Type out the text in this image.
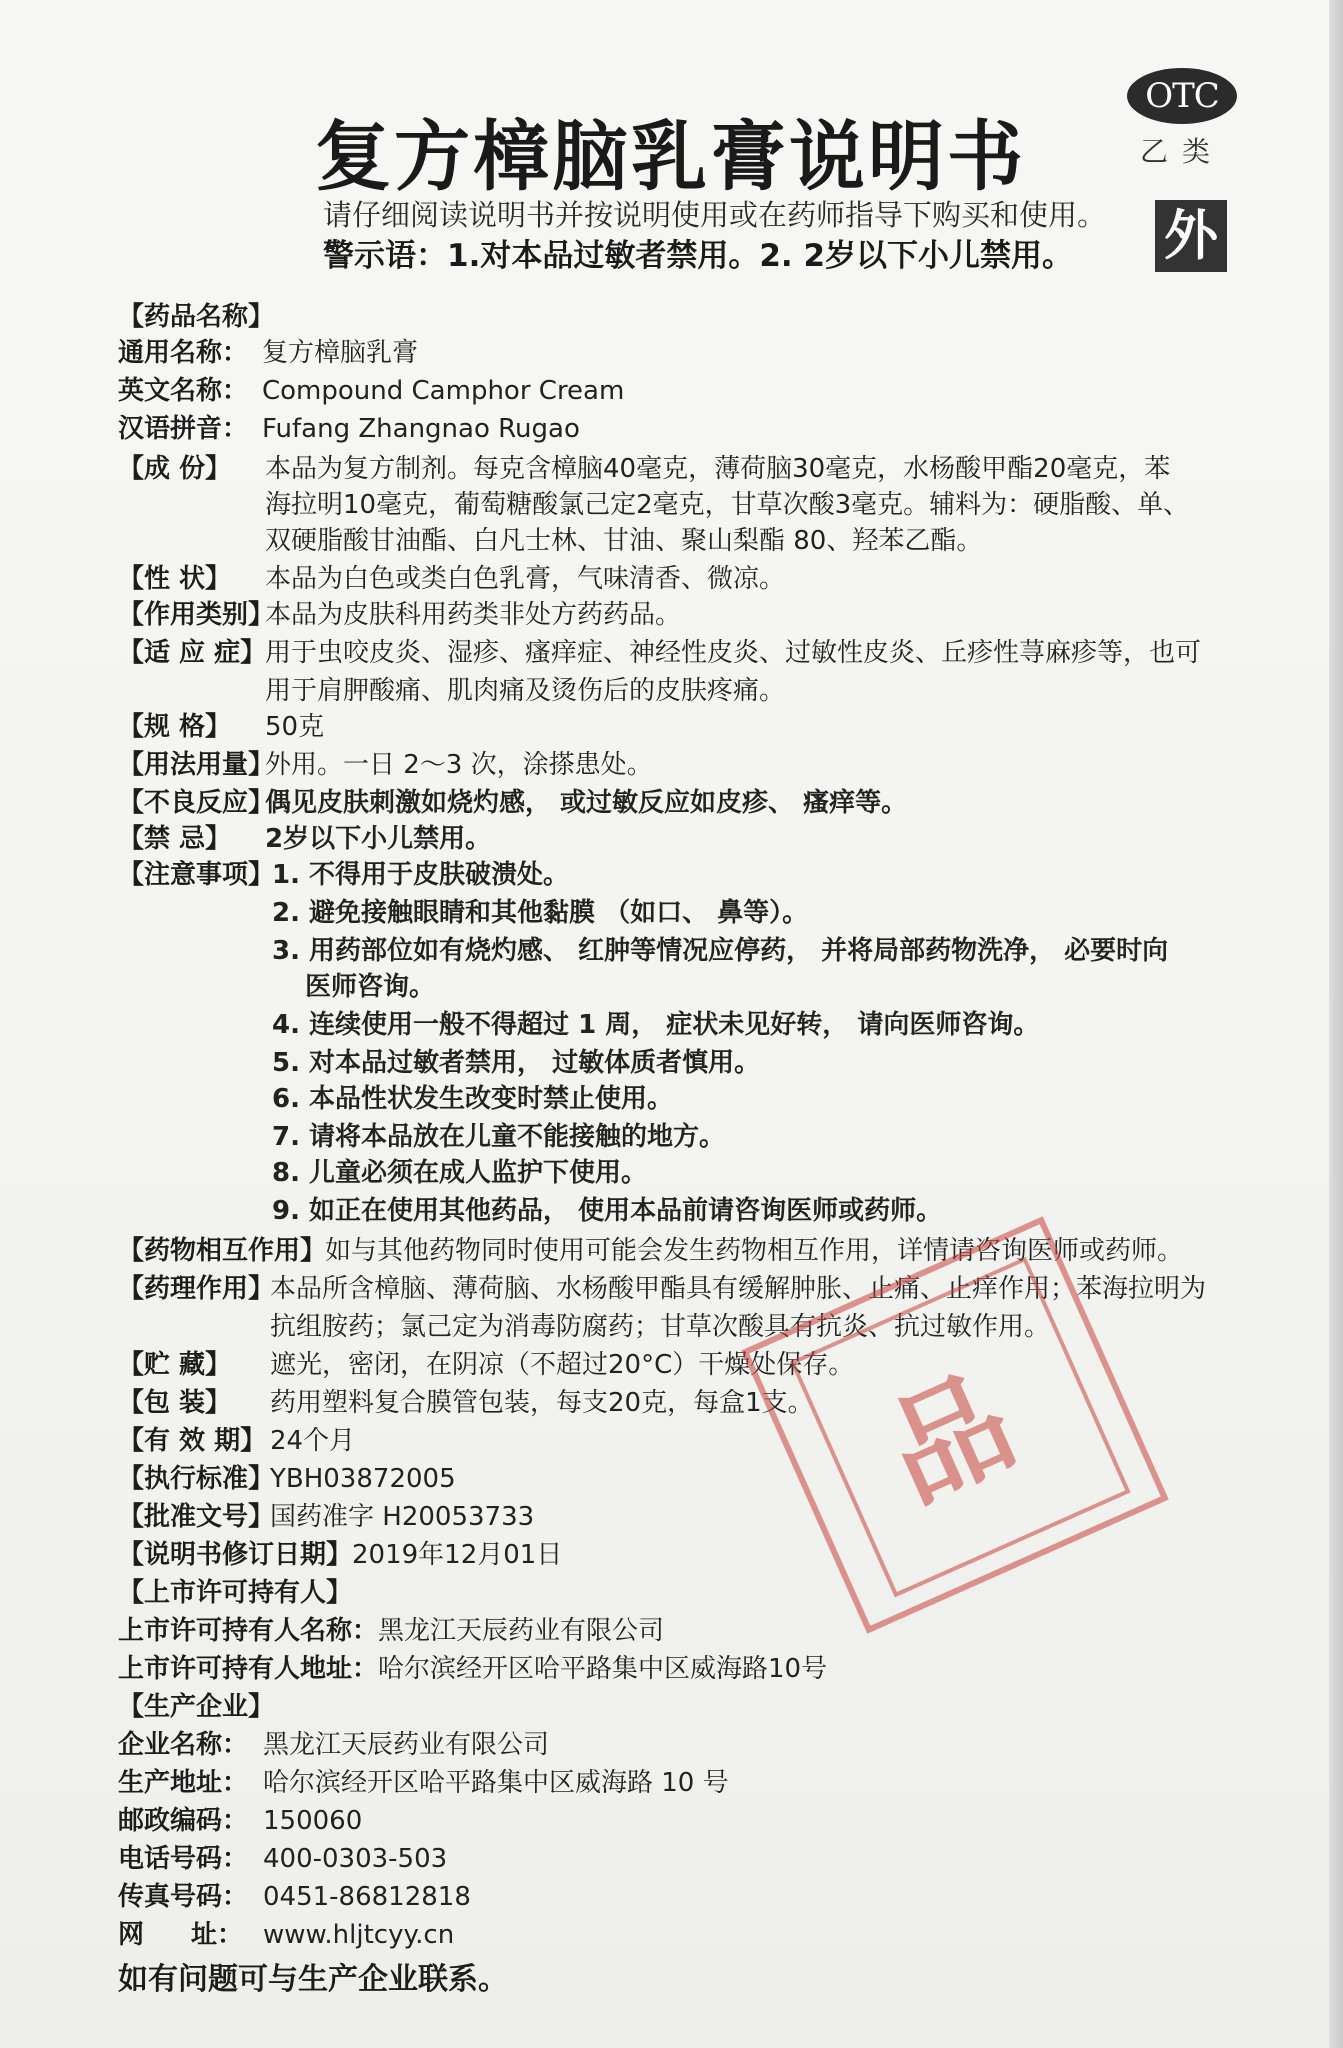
OTC
乙类
外
复方樟脑乳膏说明书
请仔细阅读说明书并按说明使用或在药师指导下购买和使用。
警示语：1.对本品过敏者禁用。2. 2岁以下小儿禁用。
【药品名称】
通用名称： 复方樟脑乳膏
英文名称： Compound Camphor Cream
汉语拼音： Fufang Zhangnao Rugao
【成 份】 本品为复方制剂。每克含樟脑40毫克，薄荷脑30毫克，水杨酸甲酯20毫克，苯
海拉明10毫克，葡萄糖酸氯己定2毫克，甘草次酸3毫克。辅料为：硬脂酸、单、
双硬脂酸甘油酯、白凡士林、甘油、聚山梨酯 80、羟苯乙酯。
【性 状】 本品为白色或类白色乳膏，气味清香、微凉。
【作用类别】
本品为皮肤科用药类非处方药药品。
【适 应 症】
用于虫咬皮炎、湿疹、瘙痒症、神经性皮炎、过敏性皮炎、丘疹性荨麻疹等，也可
用于肩胛酸痛、肌肉痛及烫伤后的皮肤疼痛。
【规 格】 50克
【用法用量】
外用。一日 2～3 次，涂搽患处。
【不良反应】
偶见皮肤刺激如烧灼感， 或过敏反应如皮疹、 瘙痒等。
【禁 忌】 2岁以下小儿禁用。
【注意事项】
1. 不得用于皮肤破溃处。
2. 避免接触眼睛和其他黏膜 （如口、 鼻等）。
3. 用药部位如有烧灼感、 红肿等情况应停药， 并将局部药物洗净， 必要时向
医师咨询。
4. 连续使用一般不得超过 1 周， 症状未见好转， 请向医师咨询。
5. 对本品过敏者禁用， 过敏体质者慎用。
6. 本品性状发生改变时禁止使用。
7. 请将本品放在儿童不能接触的地方。
8. 儿童必须在成人监护下使用。
9. 如正在使用其他药品， 使用本品前请咨询医师或药师。
【药物相互作用】
如与其他药物同时使用可能会发生药物相互作用，详情请咨询医师或药师。
【药理作用】
本品所含樟脑、薄荷脑、水杨酸甲酯具有缓解肿胀、止痛、止痒作用；苯海拉明为
抗组胺药；氯己定为消毒防腐药；甘草次酸具有抗炎、抗过敏作用。
【贮 藏】 遮光，密闭，在阴凉（不超过20°C）干燥处保存。
【包 装】 药用塑料复合膜管包装，每支20克，每盒1支。
【有 效 期】 24个月
【执行标准】
YBH03872005
【批准文号】
国药准字 H20053733
【说明书修订日期】 2019年12月01日
【上市许可持有人】
上市许可持有人名称： 黑龙江天辰药业有限公司
上市许可持有人地址： 哈尔滨经开区哈平路集中区威海路10号
【生产企业】
企业名称： 黑龙江天辰药业有限公司
生产地址： 哈尔滨经开区哈平路集中区威海路 10 号
邮政编码： 150060
电话号码： 400-0303-503
传真号码： 0451-86812818
网 址： www.hljtcyy.cn
如有问题可与生产企业联系。
品
